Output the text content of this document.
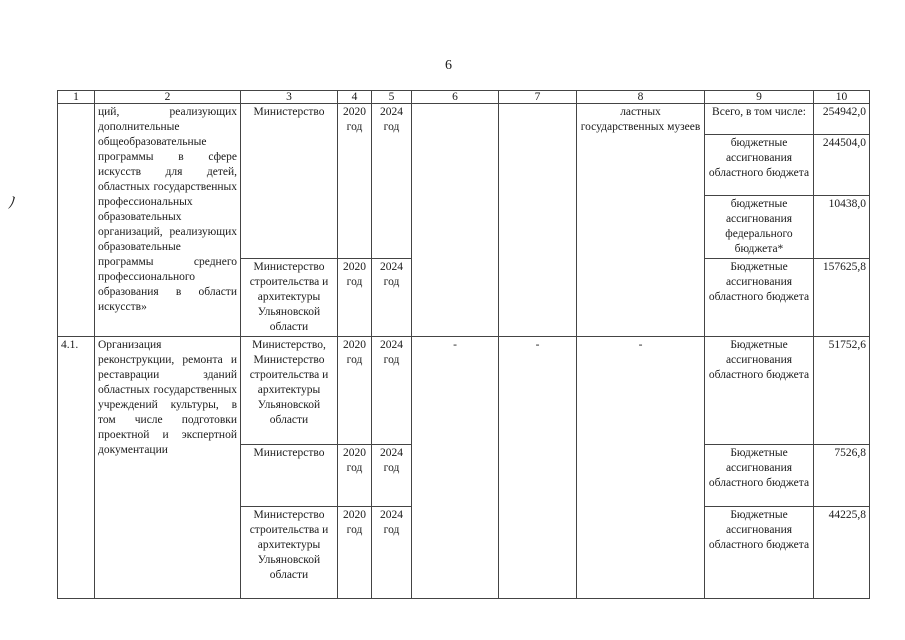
6
ﾉ
1	2	3	4	5	6	7	8	9	10
	ций, реализующих дополнительные общеобразовательные программы в сфере искусств для детей, областных государственных профессиональных образовательных организаций, реализующих образовательные программы среднего профессионального образования в области искусств»	Министерство	2020 год	2024 год			ластных государственных музеев	Всего, в том числе:	254942,0
								бюджетные ассигнования областного бюджета	244504,0
								бюджетные ассигнования федерального бюджета*	10438,0
		Министерство строительства и архитектуры Ульяновской области	2020 год	2024 год				Бюджетные ассигнования областного бюджета	157625,8
4.1.	Организация реконструкции, ремонта и реставрации зданий областных государственных учреждений культуры, в том числе подготовки проектной и экспертной документации	Министерство, Министерство строительства и архитектуры Ульяновской области	2020 год	2024 год	-	-	-	Бюджетные ассигнования областного бюджета	51752,6
		Министерство	2020 год	2024 год				Бюджетные ассигнования областного бюджета	7526,8
		Министерство строительства и архитектуры Ульяновской области	2020 год	2024 год				Бюджетные ассигнования областного бюджета	44225,8
